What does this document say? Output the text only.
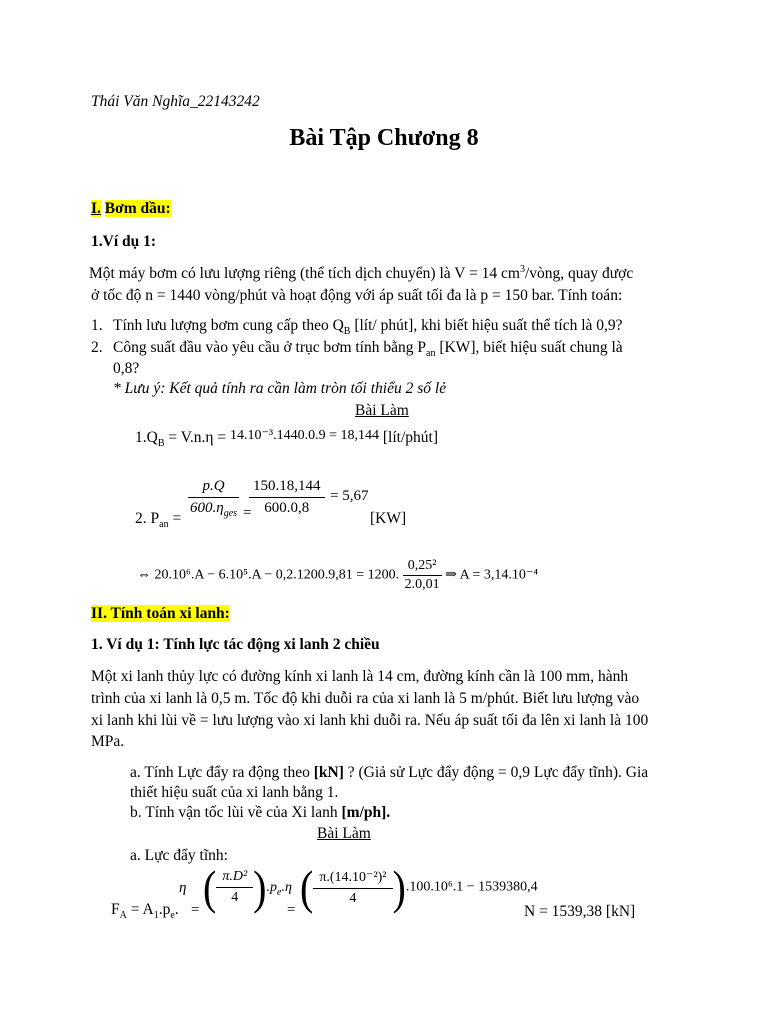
Thái Văn Nghĩa_22143242
Bài Tập Chương 8
I. Bơm dầu:
1.Ví dụ 1:
Một máy bơm có lưu lượng riêng (thể tích dịch chuyển) là V = 14 $cm^3$/vòng, quay được
ở tốc độ n = 1440 vòng/phút và hoạt động với áp suất tối đa là p = 150 bar. Tính toán:
1. Tính lưu lượng bơm cung cấp theo $Q_B$ [lít/ phút], khi biết hiệu suất thể tích là 0,9?
2. Công suất đầu vào yêu cầu ở trục bơm tính bằng $P_{an}$ [KW], biết hiệu suất chung là
0,8?
* Lưu ý: Kết quả tính ra cần làm tròn tối thiểu 2 số lẻ
Bài Làm
$1.Q_B = V.n.\eta = 14.10^{-3}.1440.0.9 = 18,144$ [lít/phút]
2. $P_{an}$ =
$\frac{p.Q}{600.\eta_{ges}}$ =
$\frac{150.18,144}{600.0,8} = 5,67$
[KW]
⇔ 20.10⁶.A − 6.10⁵.A − 0,2.1200.9,81 = 1200. $\frac{\text{0,25²}}{2.0,01}$ ⇒ A = 3,14.10⁻⁴
II. Tính toán xi lanh:
1. Ví dụ 1: Tính lực tác động xi lanh 2 chiều
Một xi lanh thủy lực có đường kính xi lanh là 14 cm, đường kính cần là 100 mm, hành
trình của xi lanh là 0,5 m. Tốc độ khi duỗi ra của xi lanh là 5 m/phút. Biết lưu lượng vào
xi lanh khi lùi về = lưu lượng vào xi lanh khi duỗi ra. Nếu áp suất tối đa lên xi lanh là 100
MPa.
a. Tính Lực đẩy ra động theo [kN] ? (Giả sử Lực đẩy động = 0,9 Lực đẩy tĩnh). Gia
thiết hiệu suất của xi lanh bằng 1.
b. Tính vận tốc lùi về của Xi lanh [m/ph].
Bài Làm
a. Lực đẩy tĩnh:
$F_A = A_1.p_e$.
η
= ( $\frac{\text{π.D²}}{4} ).p_e.\eta$
= ( $\frac{\text{π.(14.10⁻²)²}}{4} ).100.10^6.1 - 1539380,4$
N = 1539,38 [kN]
